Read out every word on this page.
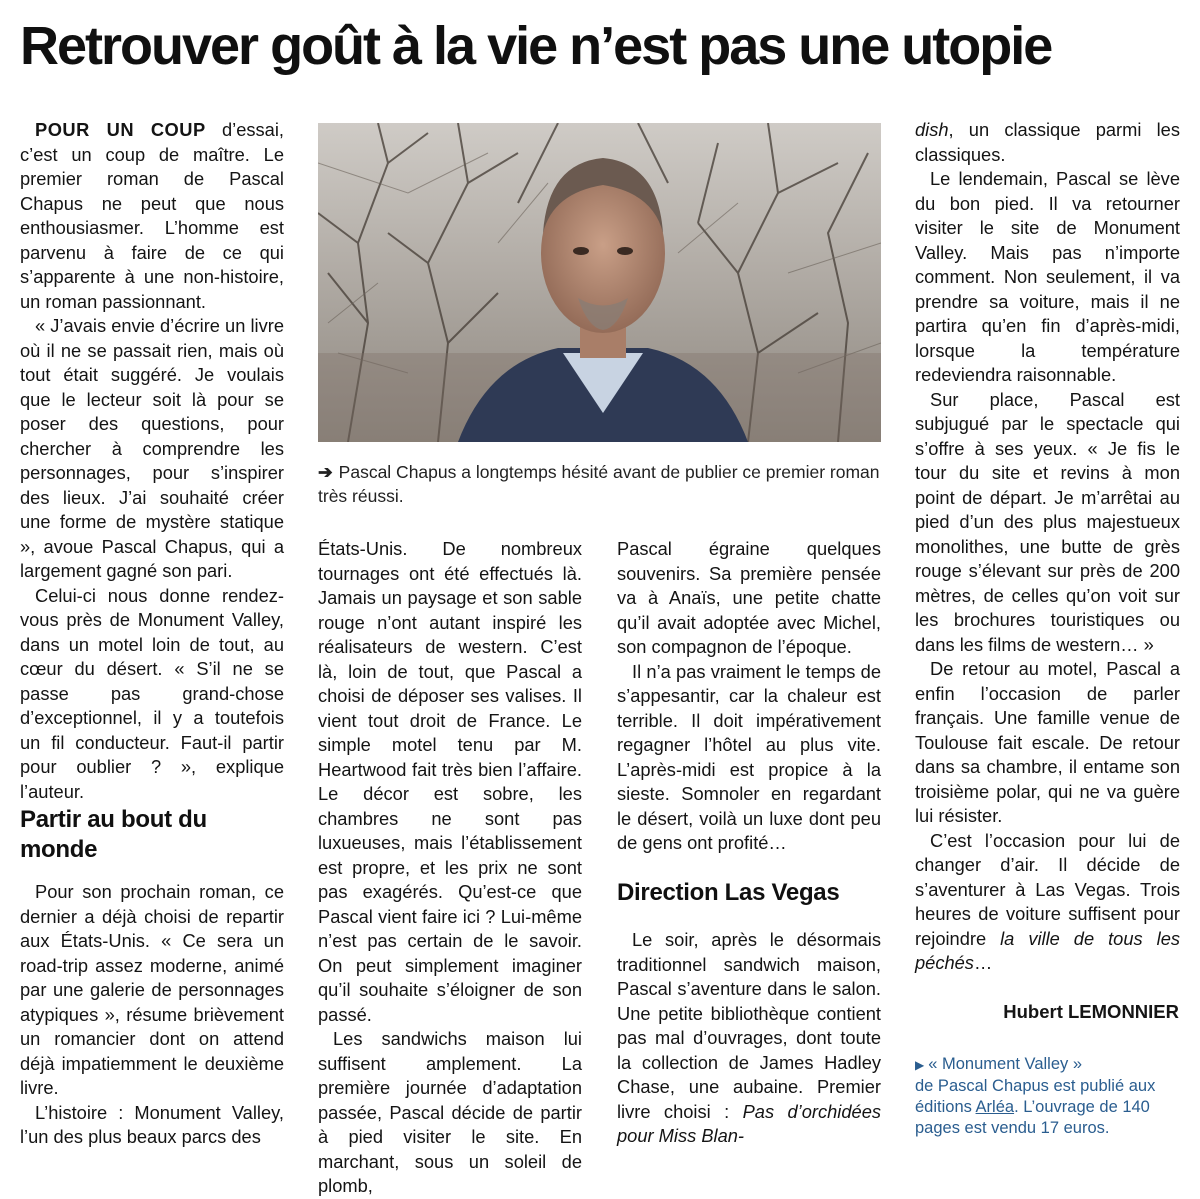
Retrouver goût à la vie n’est pas une utopie

POUR UN COUP d’essai, c’est un coup de maître. Le premier roman de Pascal Chapus ne peut que nous enthousiasmer. L’homme est parvenu à faire de ce qui s’apparente à une non-histoire, un roman passionnant.

« J’avais envie d’écrire un livre où il ne se passait rien, mais où tout était suggéré. Je voulais que le lecteur soit là pour se poser des questions, pour chercher à comprendre les personnages, pour s’inspirer des lieux. J’ai souhaité créer une forme de mystère statique », avoue Pascal Chapus, qui a largement gagné son pari.

Celui-ci nous donne rendez-vous près de Monument Valley, dans un motel loin de tout, au cœur du désert. « S’il ne se passe pas grand-chose d’exceptionnel, il y a toutefois un fil conducteur. Faut-il partir pour oublier ? », explique l’auteur.

Partir au bout du monde

Pour son prochain roman, ce dernier a déjà choisi de repartir aux États-Unis. « Ce sera un road-trip assez moderne, animé par une galerie de personnages atypiques », résume brièvement un romancier dont on attend déjà impatiemment le deuxième livre.

L’histoire : Monument Valley, l’un des plus beaux parcs des

➔ Pascal Chapus a longtemps hésité avant de publier ce premier roman très réussi.

États-Unis. De nombreux tournages ont été effectués là. Jamais un paysage et son sable rouge n’ont autant inspiré les réalisateurs de western. C’est là, loin de tout, que Pascal a choisi de déposer ses valises. Il vient tout droit de France. Le simple motel tenu par M. Heartwood fait très bien l’affaire. Le décor est sobre, les chambres ne sont pas luxueuses, mais l’établissement est propre, et les prix ne sont pas exagérés. Qu’est-ce que Pascal vient faire ici ? Lui-même n’est pas certain de le savoir. On peut simplement imaginer qu’il souhaite s’éloigner de son passé.

Les sandwichs maison lui suffisent amplement. La première journée d’adaptation passée, Pascal décide de partir à pied visiter le site. En marchant, sous un soleil de plomb,

Pascal égraine quelques souvenirs. Sa première pensée va à Anaïs, une petite chatte qu’il avait adoptée avec Michel, son compagnon de l’époque.

Il n’a pas vraiment le temps de s’appesantir, car la chaleur est terrible. Il doit impérativement regagner l’hôtel au plus vite. L’après-midi est propice à la sieste. Somnoler en regardant le désert, voilà un luxe dont peu de gens ont profité…

Direction Las Vegas

Le soir, après le désormais traditionnel sandwich maison, Pascal s’aventure dans le salon. Une petite bibliothèque contient pas mal d’ouvrages, dont toute la collection de James Hadley Chase, une aubaine. Premier livre choisi : Pas d’orchidées pour Miss Blan-

dish, un classique parmi les classiques.

Le lendemain, Pascal se lève du bon pied. Il va retourner visiter le site de Monument Valley. Mais pas n’importe comment. Non seulement, il va prendre sa voiture, mais il ne partira qu’en fin d’après-midi, lorsque la température redeviendra raisonnable.

Sur place, Pascal est subjugué par le spectacle qui s’offre à ses yeux. « Je fis le tour du site et revins à mon point de départ. Je m’arrêtai au pied d’un des plus majestueux monolithes, une butte de grès rouge s’élevant sur près de 200 mètres, de celles qu’on voit sur les brochures touristiques ou dans les films de western… »

De retour au motel, Pascal a enfin l’occasion de parler français. Une famille venue de Toulouse fait escale. De retour dans sa chambre, il entame son troisième polar, qui ne va guère lui résister.

C’est l’occasion pour lui de changer d’air. Il décide de s’aventurer à Las Vegas. Trois heures de voiture suffisent pour rejoindre la ville de tous les péchés…

Hubert LEMONNIER
▶ « Monument Valley »
de Pascal Chapus est publié aux éditions Arléa. L’ouvrage de 140 pages est vendu 17 euros.
